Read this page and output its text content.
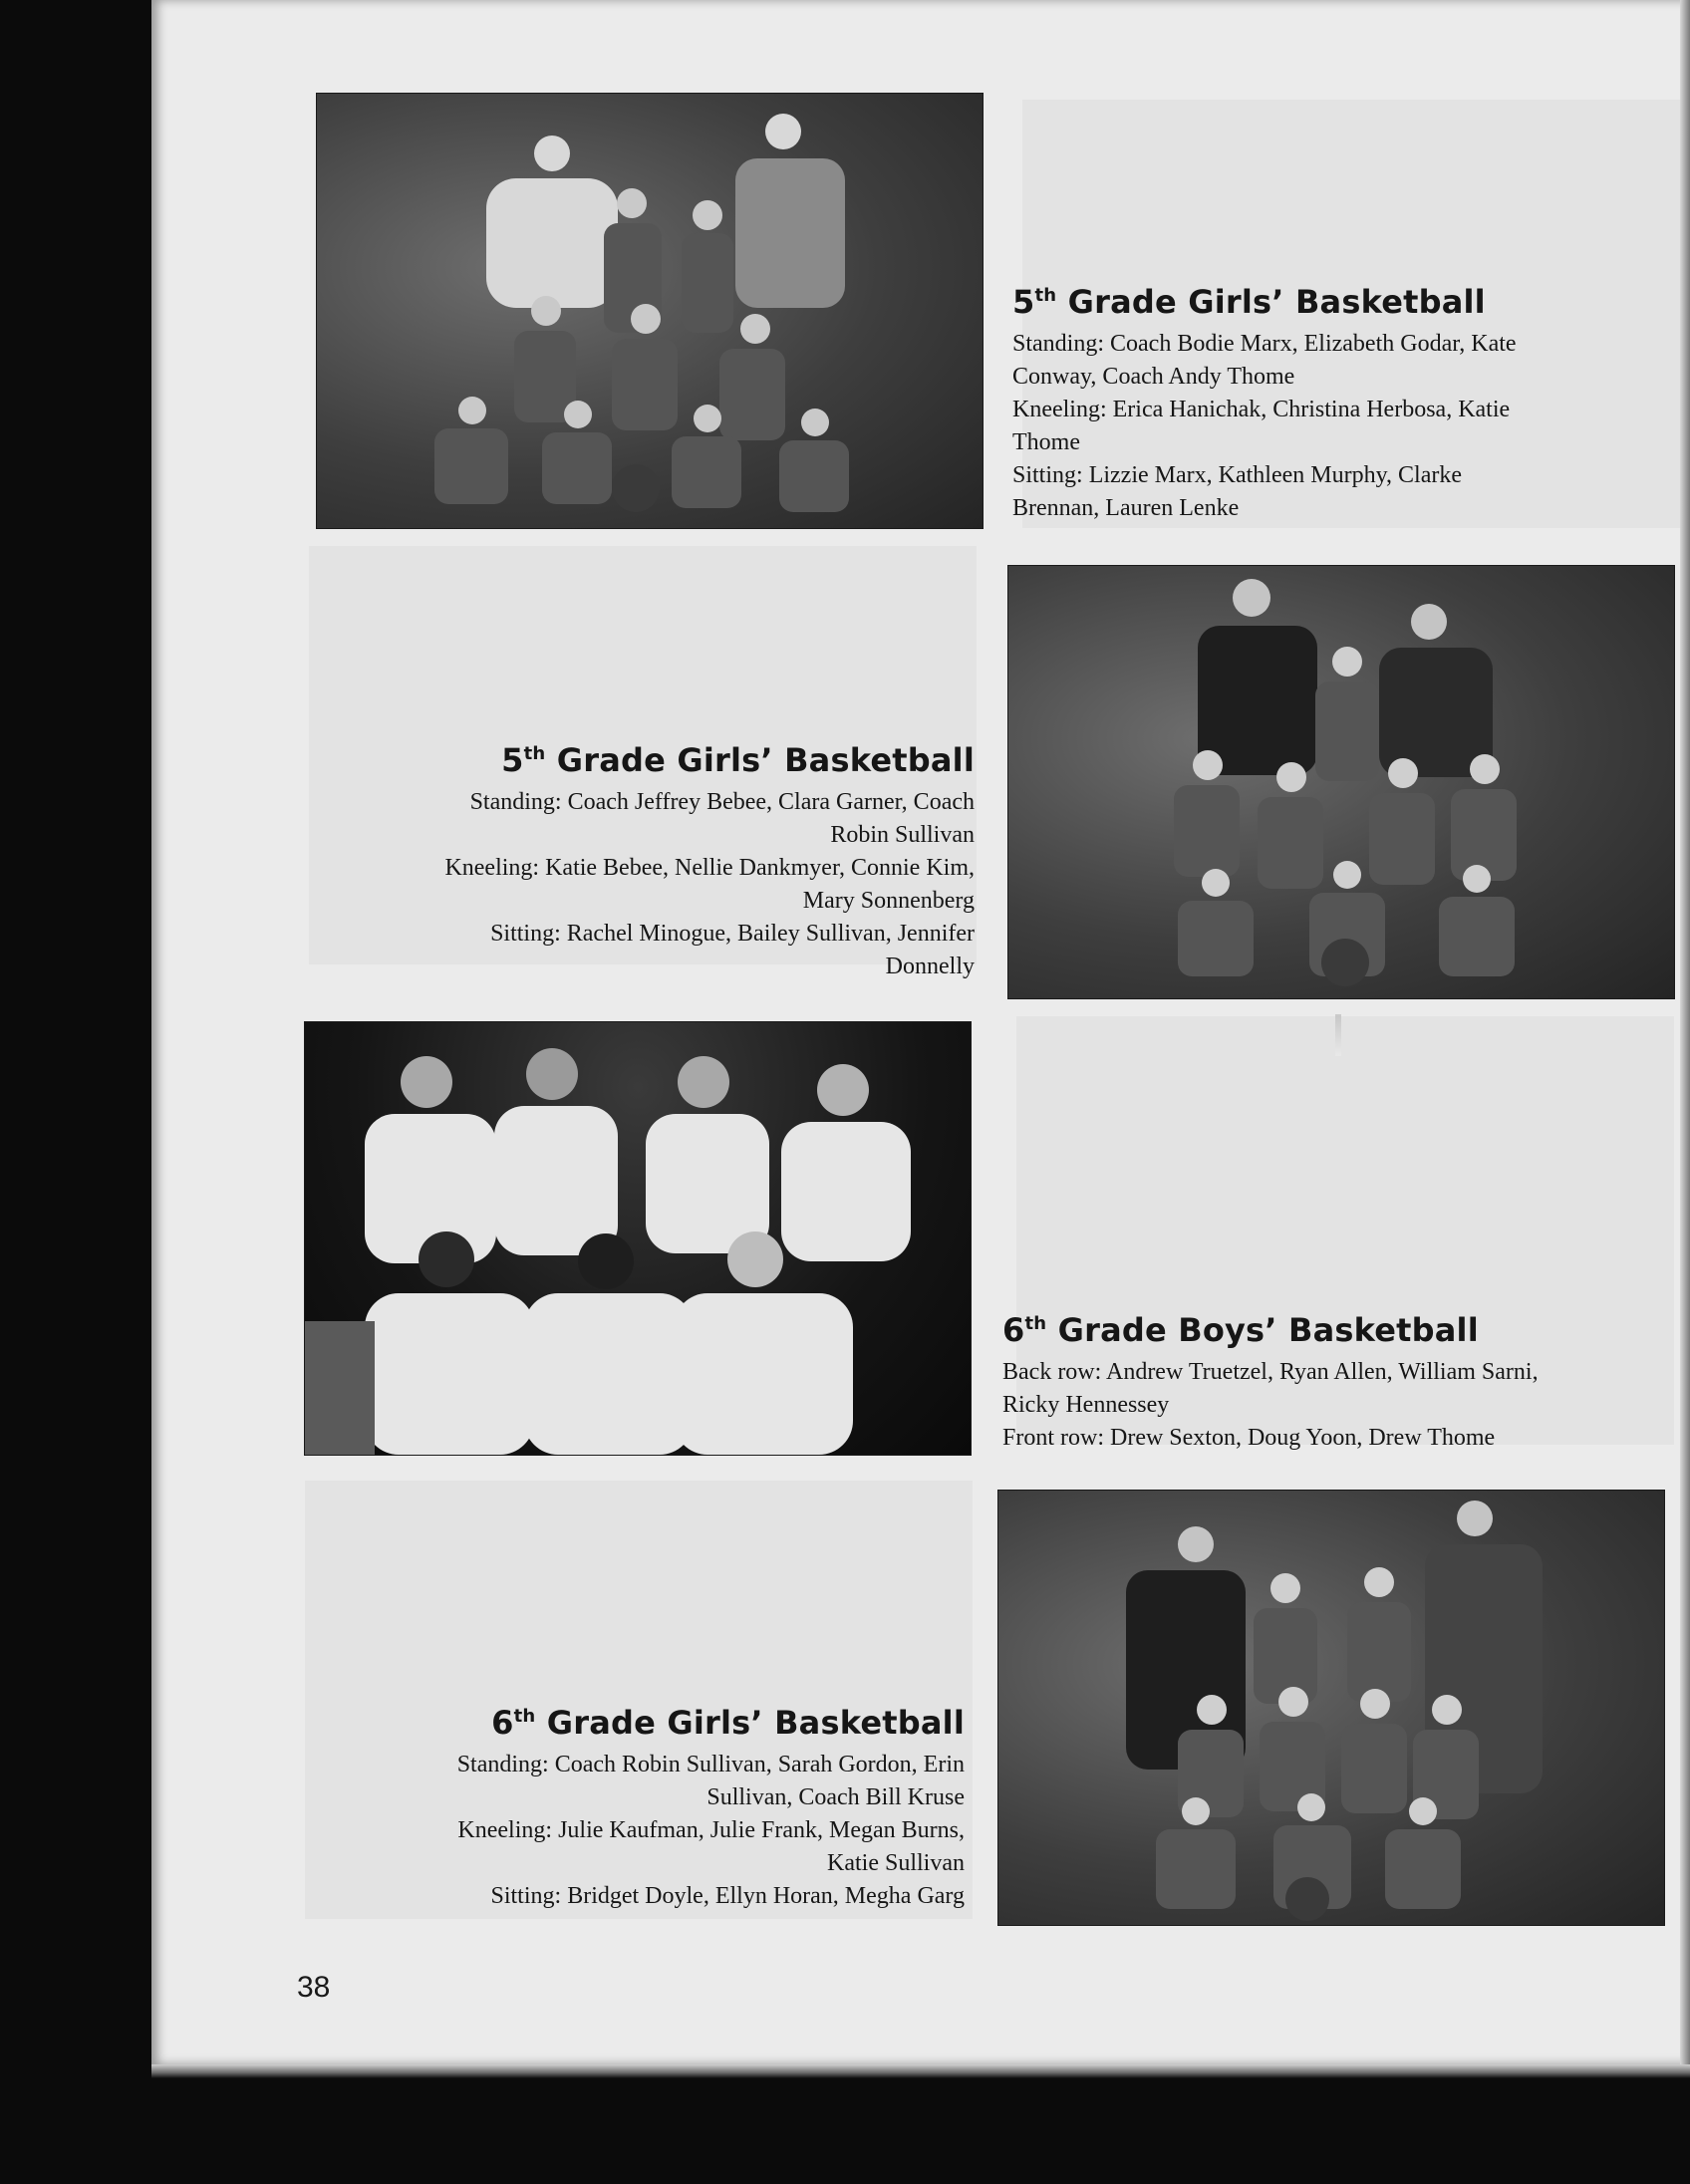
5th Grade Girls’ Basketball
Standing: Coach Bodie Marx, Elizabeth Godar, Kate
Conway, Coach Andy Thome
Kneeling: Erica Hanichak, Christina Herbosa, Katie
Thome
Sitting: Lizzie Marx, Kathleen Murphy, Clarke
Brennan, Lauren Lenke
5th Grade Girls’ Basketball
Standing: Coach Jeffrey Bebee, Clara Garner, Coach
Robin Sullivan
Kneeling: Katie Bebee, Nellie Dankmyer, Connie Kim,
Mary Sonnenberg
Sitting: Rachel Minogue, Bailey Sullivan, Jennifer
Donnelly
6th Grade Boys’ Basketball
Back row: Andrew Truetzel, Ryan Allen, William Sarni,
Ricky Hennessey
Front row: Drew Sexton, Doug Yoon, Drew Thome
6th Grade Girls’ Basketball
Standing: Coach Robin Sullivan, Sarah Gordon, Erin
Sullivan, Coach Bill Kruse
Kneeling: Julie Kaufman, Julie Frank, Megan Burns,
Katie Sullivan
Sitting: Bridget Doyle, Ellyn Horan, Megha Garg
38
